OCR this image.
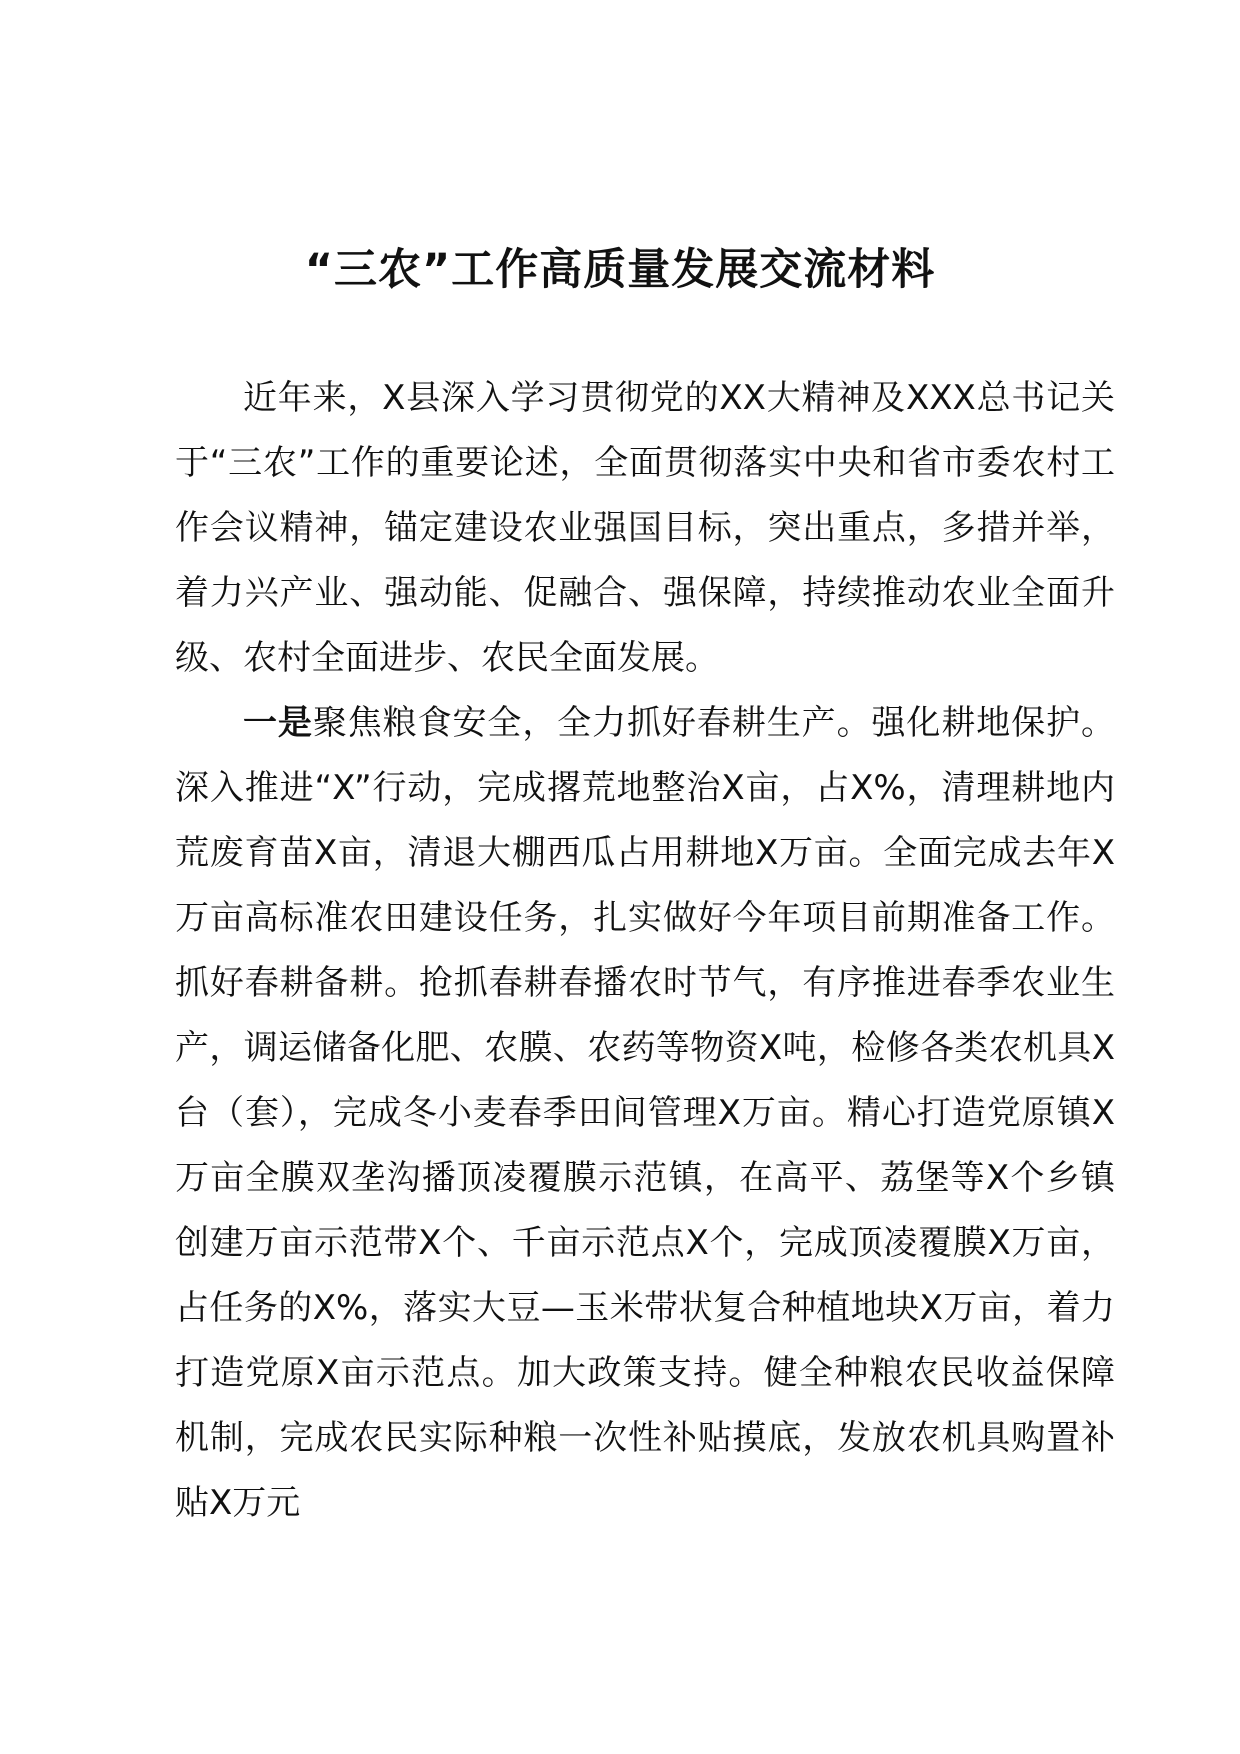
“三农”工作高质量发展交流材料

近年来，X县深入学习贯彻党的XX大精神及XXX总书记关于“三农”工作的重要论述，全面贯彻落实中央和省市委农村工作会议精神，锚定建设农业强国目标，突出重点，多措并举，着力兴产业、强动能、促融合、强保障，持续推动农业全面升级、农村全面进步、农民全面发展。

一是聚焦粮食安全，全力抓好春耕生产。强化耕地保护。深入推进“X”行动，完成撂荒地整治X亩，占X%，清理耕地内荒废育苗X亩，清退大棚西瓜占用耕地X万亩。全面完成去年X万亩高标准农田建设任务，扎实做好今年项目前期准备工作。抓好春耕备耕。抢抓春耕春播农时节气，有序推进春季农业生产，调运储备化肥、农膜、农药等物资X吨，检修各类农机具X台（套），完成冬小麦春季田间管理X万亩。精心打造党原镇X万亩全膜双垄沟播顶凌覆膜示范镇，在高平、荔堡等X个乡镇创建万亩示范带X个、千亩示范点X个，完成顶凌覆膜X万亩，占任务的X%，落实大豆—玉米带状复合种植地块X万亩，着力打造党原X亩示范点。加大政策支持。健全种粮农民收益保障机制，完成农民实际种粮一次性补贴摸底，发放农机具购置补贴X万元
